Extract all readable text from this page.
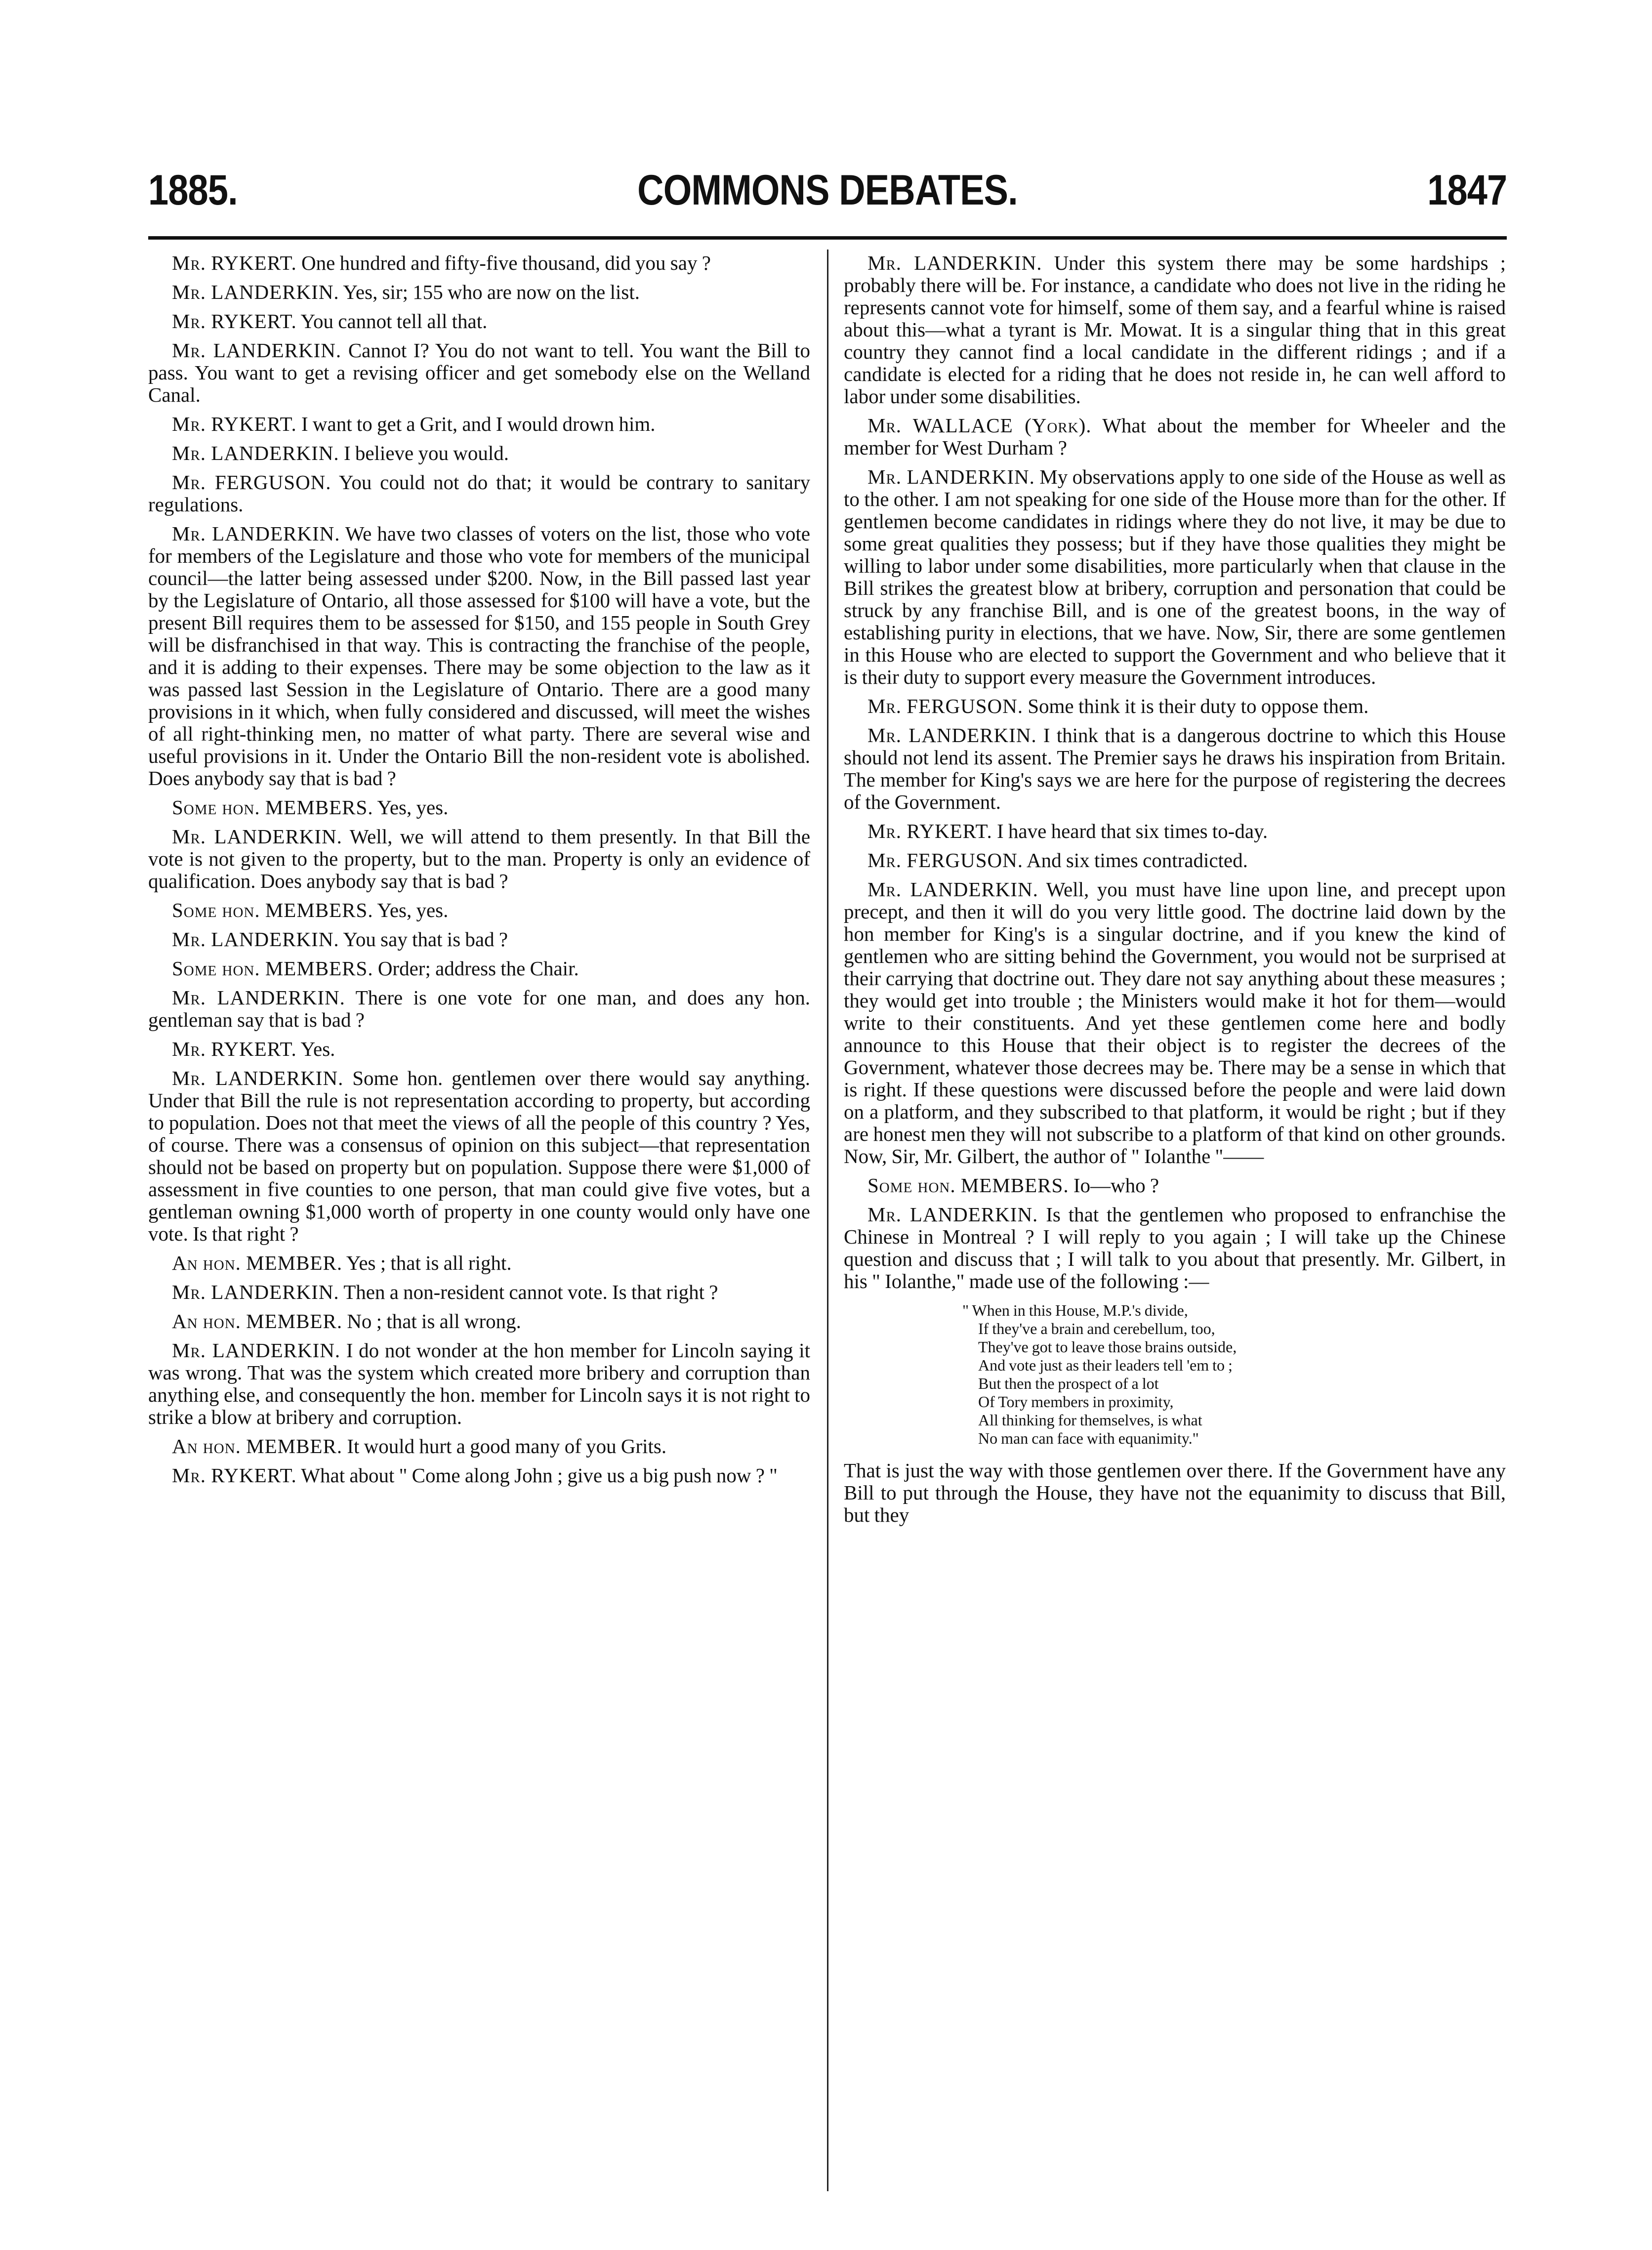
1885.	COMMONS DEBATES.	1847

Mr. RYKERT. One hundred and fifty-five thousand, did you say ?

Mr. LANDERKIN. Yes, sir; 155 who are now on the list.

Mr. RYKERT. You cannot tell all that.

Mr. LANDERKIN. Cannot I? You do not want to tell. You want the Bill to pass. You want to get a revising officer and get somebody else on the Welland Canal.

Mr. RYKERT. I want to get a Grit, and I would drown him.

Mr. LANDERKIN. I believe you would.

Mr. FERGUSON. You could not do that; it would be contrary to sanitary regulations.

Mr. LANDERKIN. We have two classes of voters on the list, those who vote for members of the Legislature and those who vote for members of the municipal council—the latter being assessed under $200. Now, in the Bill passed last year by the Legislature of Ontario, all those assessed for $100 will have a vote, but the present Bill requires them to be assessed for $150, and 155 people in South Grey will be disfranchised in that way. This is contracting the franchise of the people, and it is adding to their expenses. There may be some objection to the law as it was passed last Session in the Legislature of Ontario. There are a good many provisions in it which, when fully considered and discussed, will meet the wishes of all right-thinking men, no matter of what party. There are several wise and useful provisions in it. Under the Ontario Bill the non-resident vote is abolished. Does anybody say that is bad ?

Some hon. MEMBERS. Yes, yes.

Mr. LANDERKIN. Well, we will attend to them presently. In that Bill the vote is not given to the property, but to the man. Property is only an evidence of qualification. Does anybody say that is bad ?

Some hon. MEMBERS. Yes, yes.

Mr. LANDERKIN. You say that is bad ?

Some hon. MEMBERS. Order; address the Chair.

Mr. LANDERKIN. There is one vote for one man, and does any hon. gentleman say that is bad ?

Mr. RYKERT. Yes.

Mr. LANDERKIN. Some hon. gentlemen over there would say anything. Under that Bill the rule is not representation according to property, but according to population. Does not that meet the views of all the people of this country ? Yes, of course. There was a consensus of opinion on this subject—that representation should not be based on property but on population. Suppose there were $1,000 of assessment in five counties to one person, that man could give five votes, but a gentleman owning $1,000 worth of property in one county would only have one vote. Is that right ?

An hon. MEMBER. Yes ; that is all right.

Mr. LANDERKIN. Then a non-resident cannot vote. Is that right ?

An hon. MEMBER. No ; that is all wrong.

Mr. LANDERKIN. I do not wonder at the hon member for Lincoln saying it was wrong. That was the system which created more bribery and corruption than anything else, and consequently the hon. member for Lincoln says it is not right to strike a blow at bribery and corruption.

An hon. MEMBER. It would hurt a good many of you Grits.

Mr. RYKERT. What about " Come along John ; give us a big push now ? "

Mr. LANDERKIN. Under this system there may be some hardships ; probably there will be. For instance, a candidate who does not live in the riding he represents cannot vote for himself, some of them say, and a fearful whine is raised about this—what a tyrant is Mr. Mowat. It is a singular thing that in this great country they cannot find a local candidate in the different ridings ; and if a candidate is elected for a riding that he does not reside in, he can well afford to labor under some disabilities.

Mr. WALLACE (York). What about the member for Wheeler and the member for West Durham ?

Mr. LANDERKIN. My observations apply to one side of the House as well as to the other. I am not speaking for one side of the House more than for the other. If gentlemen become candidates in ridings where they do not live, it may be due to some great qualities they possess; but if they have those qualities they might be willing to labor under some disabilities, more particularly when that clause in the Bill strikes the greatest blow at bribery, corruption and personation that could be struck by any franchise Bill, and is one of the greatest boons, in the way of establishing purity in elections, that we have. Now, Sir, there are some gentlemen in this House who are elected to support the Government and who believe that it is their duty to support every measure the Government introduces.

Mr. FERGUSON. Some think it is their duty to oppose them.

Mr. LANDERKIN. I think that is a dangerous doctrine to which this House should not lend its assent. The Premier says he draws his inspiration from Britain. The member for King's says we are here for the purpose of registering the decrees of the Government.

Mr. RYKERT. I have heard that six times to-day.

Mr. FERGUSON. And six times contradicted.

Mr. LANDERKIN. Well, you must have line upon line, and precept upon precept, and then it will do you very little good. The doctrine laid down by the hon member for King's is a singular doctrine, and if you knew the kind of gentlemen who are sitting behind the Government, you would not be surprised at their carrying that doctrine out. They dare not say anything about these measures ; they would get into trouble ; the Ministers would make it hot for them—would write to their constituents. And yet these gentlemen come here and bodly announce to this House that their object is to register the decrees of the Government, whatever those decrees may be. There may be a sense in which that is right. If these questions were discussed before the people and were laid down on a platform, and they subscribed to that platform, it would be right ; but if they are honest men they will not subscribe to a platform of that kind on other grounds. Now, Sir, Mr. Gilbert, the author of " Iolanthe "——

Some hon. MEMBERS. Io—who ?

Mr. LANDERKIN. Is that the gentlemen who proposed to enfranchise the Chinese in Montreal ? I will reply to you again ; I will take up the Chinese question and discuss that ; I will talk to you about that presently. Mr. Gilbert, in his " Iolanthe," made use of the following :—

" When in this House, M.P.'s divide,
If they've a brain and cerebellum, too,
They've got to leave those brains outside,
And vote just as their leaders tell 'em to ;
But then the prospect of a lot
Of Tory members in proximity,
All thinking for themselves, is what
No man can face with equanimity."

That is just the way with those gentlemen over there. If the Government have any Bill to put through the House, they have not the equanimity to discuss that Bill, but they
